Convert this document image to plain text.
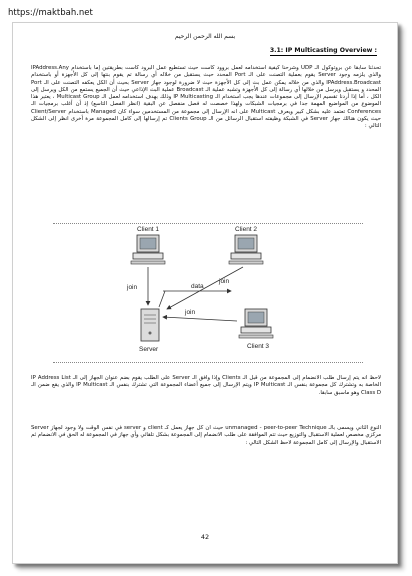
https://maktbah.net
بسم الله الرحمن الرحيم
3.1: IP Multicasting Overview :
تحدثنا سابقا عن بروتوكول الـ UDP وشرحنا كيفية استخدامه لعمل بروود كاست حيث تستطيع عمل البرود كاست بطريقتين إما باستخدام IPAddress.Any والذي يلزمه وجود Server يقوم بعملية التصنت على الـ Port المحدد حيث يستقبل من خلاله أي رسالة تم يقوم بنتها إلى كل الأجهزة أو باستخدام IPAddress.Broadcast والذي من خلاله يمكن عمل بث إلى كل الأجهزة حيث لا ضرورة لوجود جهاز Server بحيث أن الكل يعكفه التصنت على الـ Port المحدد و يستقبل ويرسل من خلالها أي رسالة إلى كل الأجهزة وتشبه عملية الـ Broadcast عملية البث الإذاعي حيث أن الجميع يستمع من الكل ويرسل إلى الكل ، أما إذا أردنا تقسيم الإرسال إلى مجموعات عندها يجب استخدام الـ IP Multicasting وذلك بهدف استخدامه لعمل الـ Multicast Group ، يعتبر هذا الموضوع من المواضيع المهمة جدا في برمجيات الشبكات ولهذا خصصت له فصل منفصل عن البقية (انظر الفصل التاسع) إذ أن أغلب برمجيات الـ Conferences تعتمد عليه بشكل كبير ويعرف Multicast على انه الإرسال إلى مجموعة من المستخدمين سواء كان Managed باستخدام Client/Server حيث يكون هنالك جهاز Server في الشبكة وظيفته استقبال الرسائل من الـ Clients Group تم إرسالها إلى كامل المجموعة مرة أخرى انظر إلى الشكل التالي :
Client 1	Client 2
Client 3
Server
data
join
join
join
لاحظ انه يتم إرسال طلب الانضمام إلى المجموعة من قبل الـ Clients وإذا وافق الـ Server على الطلب يقوم بضم عنوان الجهاز إلى الـ IP Address List الخاصة به وتشترك كل مجموعة بنفس الـ IP Multicast ويتم الإرسال إلى جميع أعضاء المجموعة التي تشترك بنفس الـ IP Multicast والذي يقع ضمن الـ Class D وهو ماسبق سابقا.
النوع الثاني ويسمى بالـ unmanaged - peer-to-peer Technique حيث أن كل جهاز يعمل كـ client و server في نفس الوقت ولا وجود لجهاز Server مركزي مخصص لعملية الاستقبال والتوزيع حيث تتم الموافقة على طلب الانضمام إلى المجموعة بشكل تلقائي وأي جهاز في المجموعة له الحق في الانضمام ثم الاستقبال والإرسال إلى كامل المجموعة لاحظ الشكل التالي :
42
